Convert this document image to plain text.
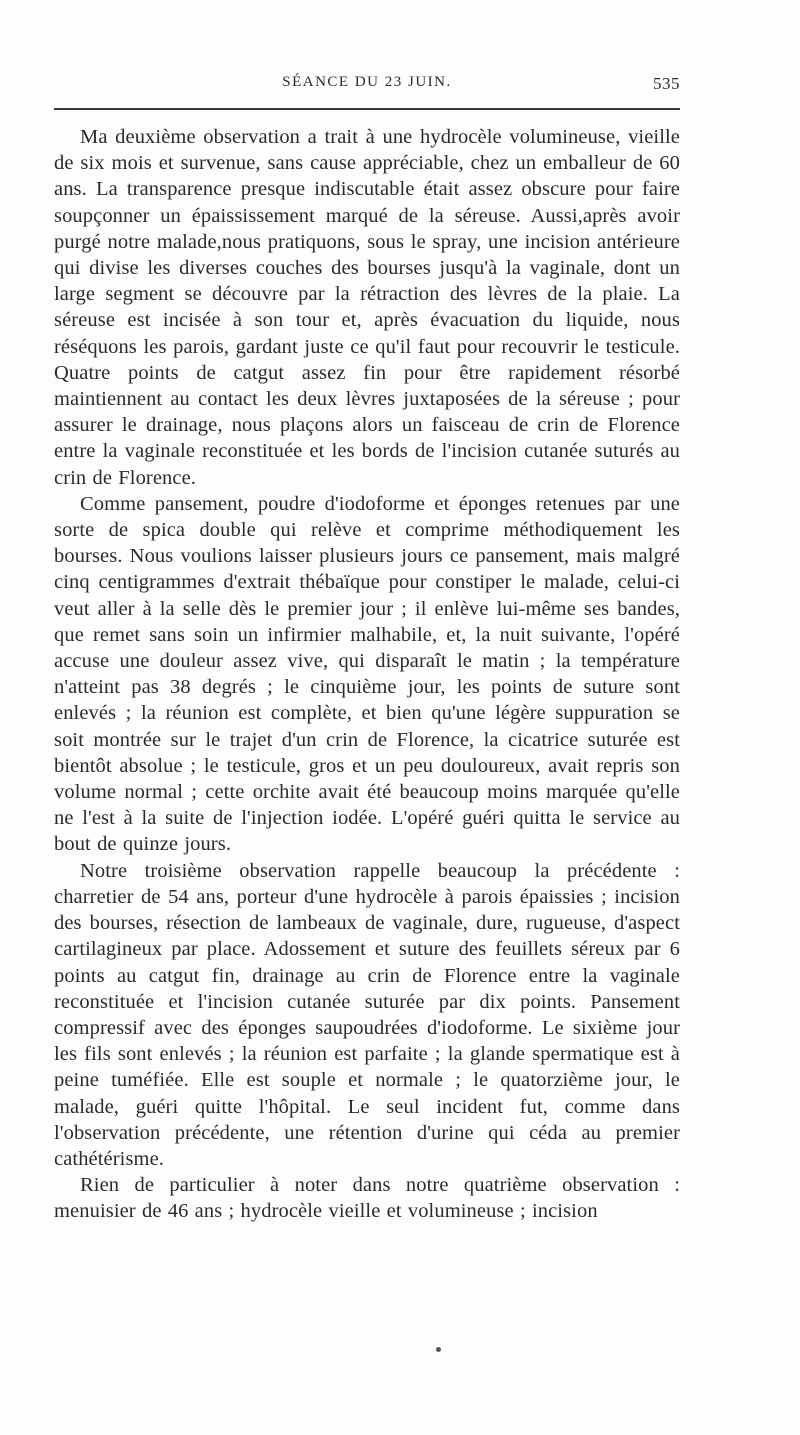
SÉANCE DU 23 JUIN.	535

Ma deuxième observation a trait à une hydrocèle volumineuse, vieille de six mois et survenue, sans cause appréciable, chez un emballeur de 60 ans. La transparence presque indiscutable était assez obscure pour faire soupçonner un épaississement marqué de la séreuse. Aussi,après avoir purgé notre malade,nous pratiquons, sous le spray, une incision antérieure qui divise les diverses couches des bourses jusqu'à la vaginale, dont un large segment se découvre par la rétraction des lèvres de la plaie. La séreuse est incisée à son tour et, après évacuation du liquide, nous réséquons les parois, gardant juste ce qu'il faut pour recouvrir le testicule. Quatre points de catgut assez fin pour être rapidement résorbé maintiennent au contact les deux lèvres juxtaposées de la séreuse ; pour assurer le drainage, nous plaçons alors un faisceau de crin de Florence entre la vaginale reconstituée et les bords de l'incision cutanée suturés au crin de Florence.

Comme pansement, poudre d'iodoforme et éponges retenues par une sorte de spica double qui relève et comprime méthodiquement les bourses. Nous voulions laisser plusieurs jours ce pansement, mais malgré cinq centigrammes d'extrait thébaïque pour constiper le malade, celui-ci veut aller à la selle dès le premier jour ; il enlève lui-même ses bandes, que remet sans soin un infirmier malhabile, et, la nuit suivante, l'opéré accuse une douleur assez vive, qui disparaît le matin ; la température n'atteint pas 38 degrés ; le cinquième jour, les points de suture sont enlevés ; la réunion est complète, et bien qu'une légère suppuration se soit montrée sur le trajet d'un crin de Florence, la cicatrice suturée est bientôt absolue ; le testicule, gros et un peu douloureux, avait repris son volume normal ; cette orchite avait été beaucoup moins marquée qu'elle ne l'est à la suite de l'injection iodée. L'opéré guéri quitta le service au bout de quinze jours.

Notre troisième observation rappelle beaucoup la précédente : charretier de 54 ans, porteur d'une hydrocèle à parois épaissies ; incision des bourses, résection de lambeaux de vaginale, dure, rugueuse, d'aspect cartilagineux par place. Adossement et suture des feuillets séreux par 6 points au catgut fin, drainage au crin de Florence entre la vaginale reconstituée et l'incision cutanée suturée par dix points. Pansement compressif avec des éponges saupoudrées d'iodoforme. Le sixième jour les fils sont enlevés ; la réunion est parfaite ; la glande spermatique est à peine tuméfiée. Elle est souple et normale ; le quatorzième jour, le malade, guéri quitte l'hôpital. Le seul incident fut, comme dans l'observation précédente, une rétention d'urine qui céda au premier cathétérisme.

Rien de particulier à noter dans notre quatrième observation : menuisier de 46 ans ; hydrocèle vieille et volumineuse ; incision
